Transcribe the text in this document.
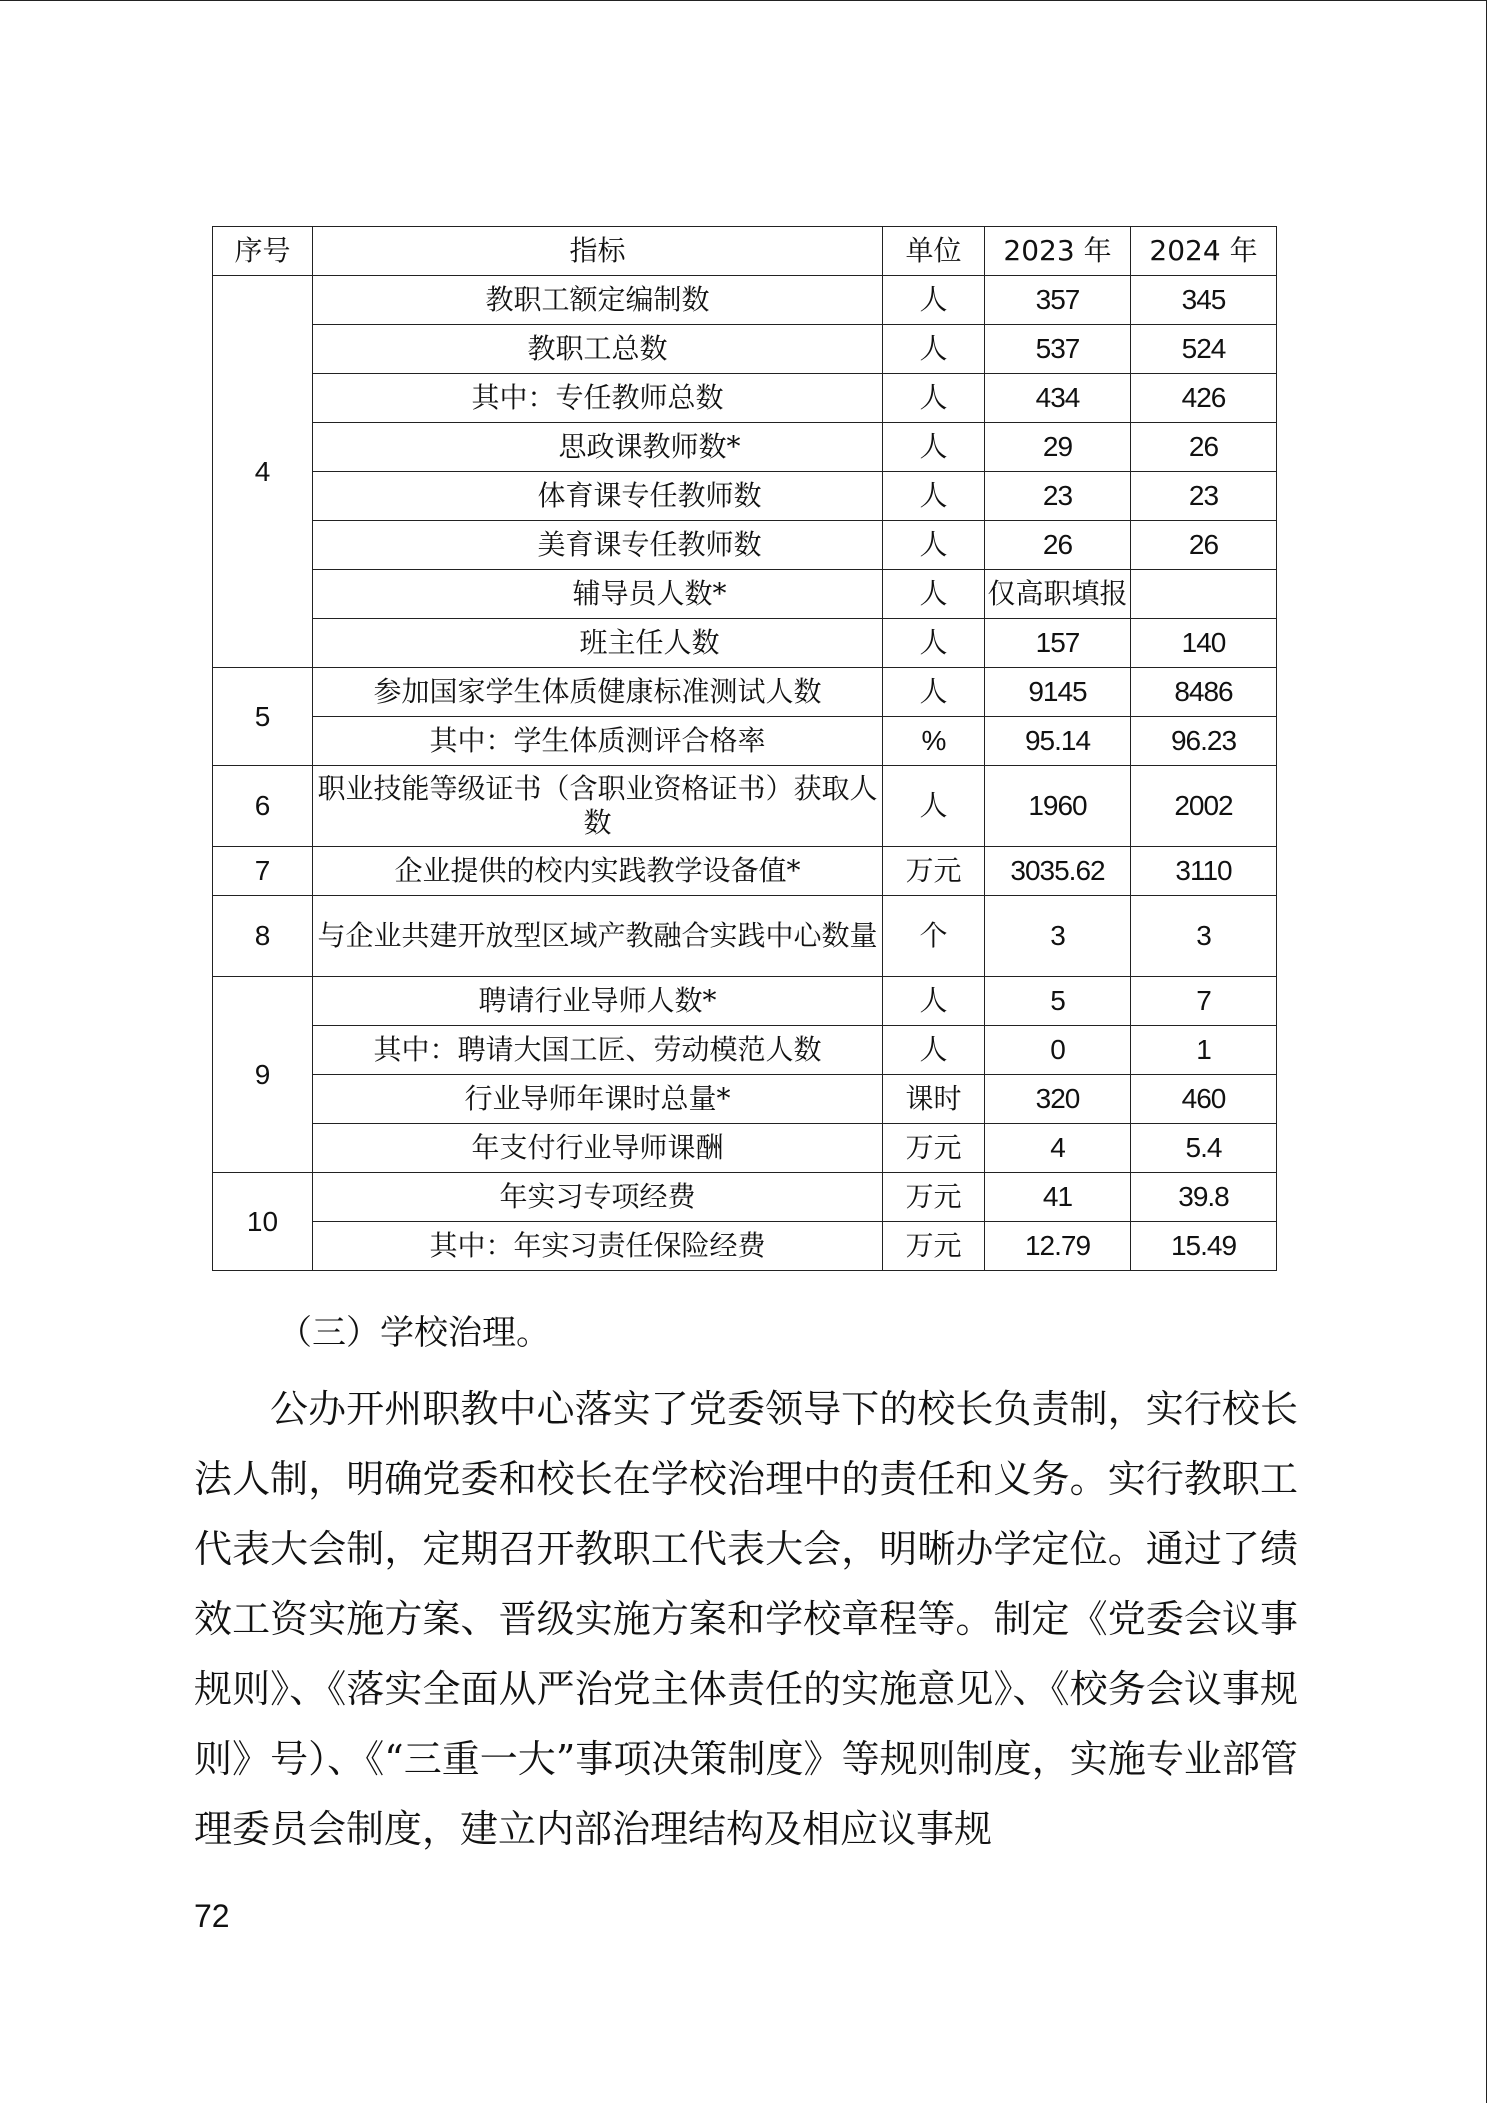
序号	指标	单位	2023 年	2024 年
4	教职工额定编制数	人	357	345
	教职工总数	人	537	524
	其中：专任教师总数	人	434	426
	思政课教师数*	人	29	26
	体育课专任教师数	人	23	23
	美育课专任教师数	人	26	26
	辅导员人数*	人	仅高职填报	
	班主任人数	人	157	140
5	参加国家学生体质健康标准测试人数	人	9145	8486
	其中：学生体质测评合格率	%	95.14	96.23
6	职业技能等级证书（含职业资格证书）获取人数	人	1960	2002
7	企业提供的校内实践教学设备值*	万元	3035.62	3110
8	与企业共建开放型区域产教融合实践中心数量	个	3	3
9	聘请行业导师人数*	人	5	7
	其中：聘请大国工匠、劳动模范人数	人	0	1
	行业导师年课时总量*	课时	320	460
	年支付行业导师课酬	万元	4	5.4
10	年实习专项经费	万元	41	39.8
	其中：年实习责任保险经费	万元	12.79	15.49
（三）学校治理。

公办开州职教中心落实了党委领导下的校长负责制，实行校长法人制，明确党委和校长在学校治理中的责任和义务。实行教职工代表大会制，定期召开教职工代表大会，明晰办学定位。通过了绩效工资实施方案、晋级实施方案和学校章程等。制定《党委会议事规则》、《落实全面从严治党主体责任的实施意见》、《校务会议事规则》号）、《“三重一大”事项决策制度》等规则制度，实施专业部管理委员会制度，建立内部治理结构及相应议事规

72
